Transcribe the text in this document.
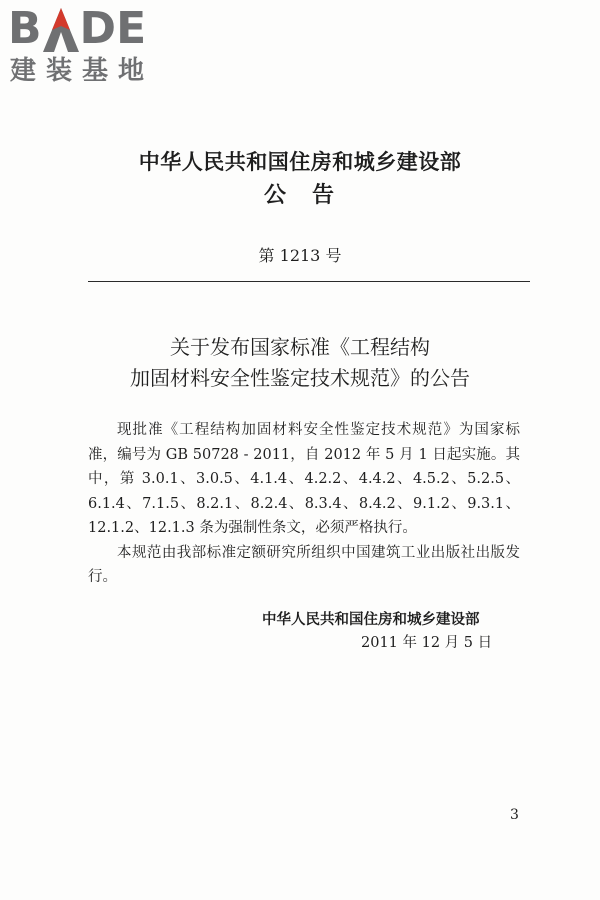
B DE
建装基地
中华人民共和国住房和城乡建设部
公　告
第 1213 号
关于发布国家标准《工程结构
加固材料安全性鉴定技术规范》的公告

现批准《工程结构加固材料安全性鉴定技术规范》为国家标准，编号为 GB 50728 - 2011，自 2012 年 5 月 1 日起实施。其中，第 3.0.1、3.0.5、4.1.4、4.2.2、4.4.2、4.5.2、5.2.5、6.1.4、7.1.5、8.2.1、8.2.4、8.3.4、8.4.2、9.1.2、9.3.1、12.1.2、12.1.3 条为强制性条文，必须严格执行。

本规范由我部标准定额研究所组织中国建筑工业出版社出版发行。

中华人民共和国住房和城乡建设部
2011 年 12 月 5 日
3
